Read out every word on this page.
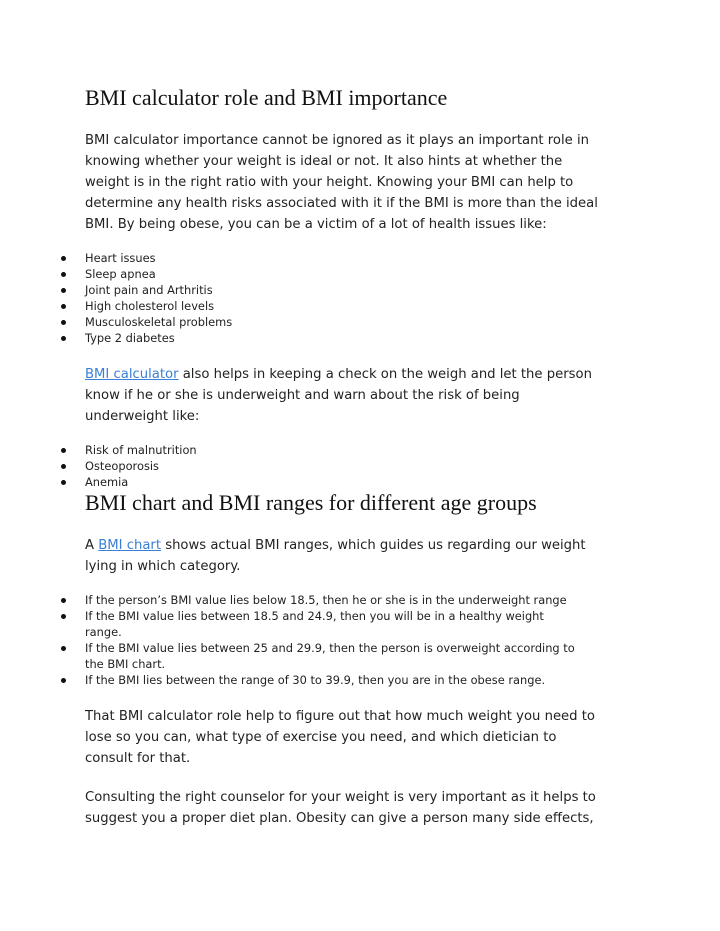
BMI calculator role and BMI importance
BMI calculator importance cannot be ignored as it plays an important role in
knowing whether your weight is ideal or not. It also hints at whether the
weight is in the right ratio with your height. Knowing your BMI can help to
determine any health risks associated with it if the BMI is more than the ideal
BMI. By being obese, you can be a victim of a lot of health issues like:
Heart issues
Sleep apnea
Joint pain and Arthritis
High cholesterol levels
Musculoskeletal problems
Type 2 diabetes
BMI calculator also helps in keeping a check on the weigh and let the person
know if he or she is underweight and warn about the risk of being
underweight like:
Risk of malnutrition
Osteoporosis
Anemia
BMI chart and BMI ranges for different age groups
A BMI chart shows actual BMI ranges, which guides us regarding our weight
lying in which category.
If the person’s BMI value lies below 18.5, then he or she is in the underweight range
If the BMI value lies between 18.5 and 24.9, then you will be in a healthy weight
range.
If the BMI value lies between 25 and 29.9, then the person is overweight according to
the BMI chart.
If the BMI lies between the range of 30 to 39.9, then you are in the obese range.
That BMI calculator role help to figure out that how much weight you need to
lose so you can, what type of exercise you need, and which dietician to
consult for that.
Consulting the right counselor for your weight is very important as it helps to
suggest you a proper diet plan. Obesity can give a person many side effects,
